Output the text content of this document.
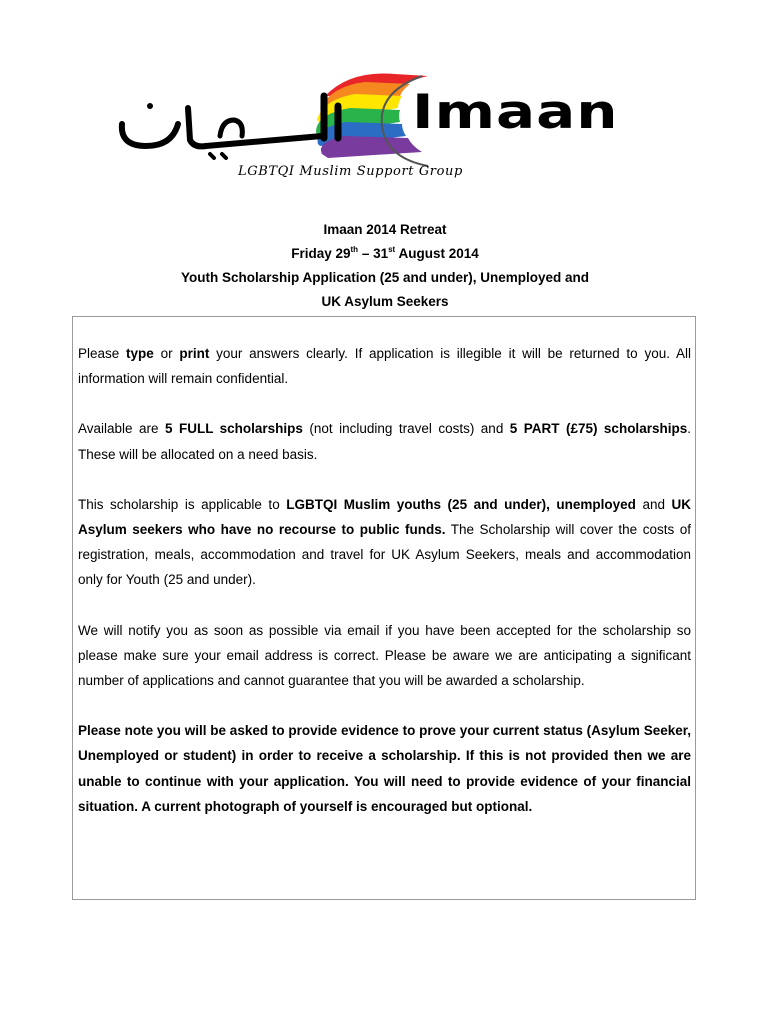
Imaan
LGBTQI Muslim Support Group
Imaan 2014 Retreat
Friday 29th – 31st August 2014
Youth Scholarship Application (25 and under), Unemployed and
UK Asylum Seekers

Please type or print your answers clearly. If application is illegible it will be returned to you. All information will remain confidential.

Available are 5 FULL scholarships (not including travel costs) and 5 PART (£75) scholarships. These will be allocated on a need basis.

This scholarship is applicable to LGBTQI Muslim youths (25 and under), unemployed and UK Asylum seekers who have no recourse to public funds. The Scholarship will cover the costs of registration, meals, accommodation and travel for UK Asylum Seekers, meals and accommodation only for Youth (25 and under).

We will notify you as soon as possible via email if you have been accepted for the scholarship so please make sure your email address is correct. Please be aware we are anticipating a significant number of applications and cannot guarantee that you will be awarded a scholarship.

Please note you will be asked to provide evidence to prove your current status (Asylum Seeker, Unemployed or student) in order to receive a scholarship. If this is not provided then we are unable to continue with your application. You will need to provide evidence of your financial situation. A current photograph of yourself is encouraged but optional.
